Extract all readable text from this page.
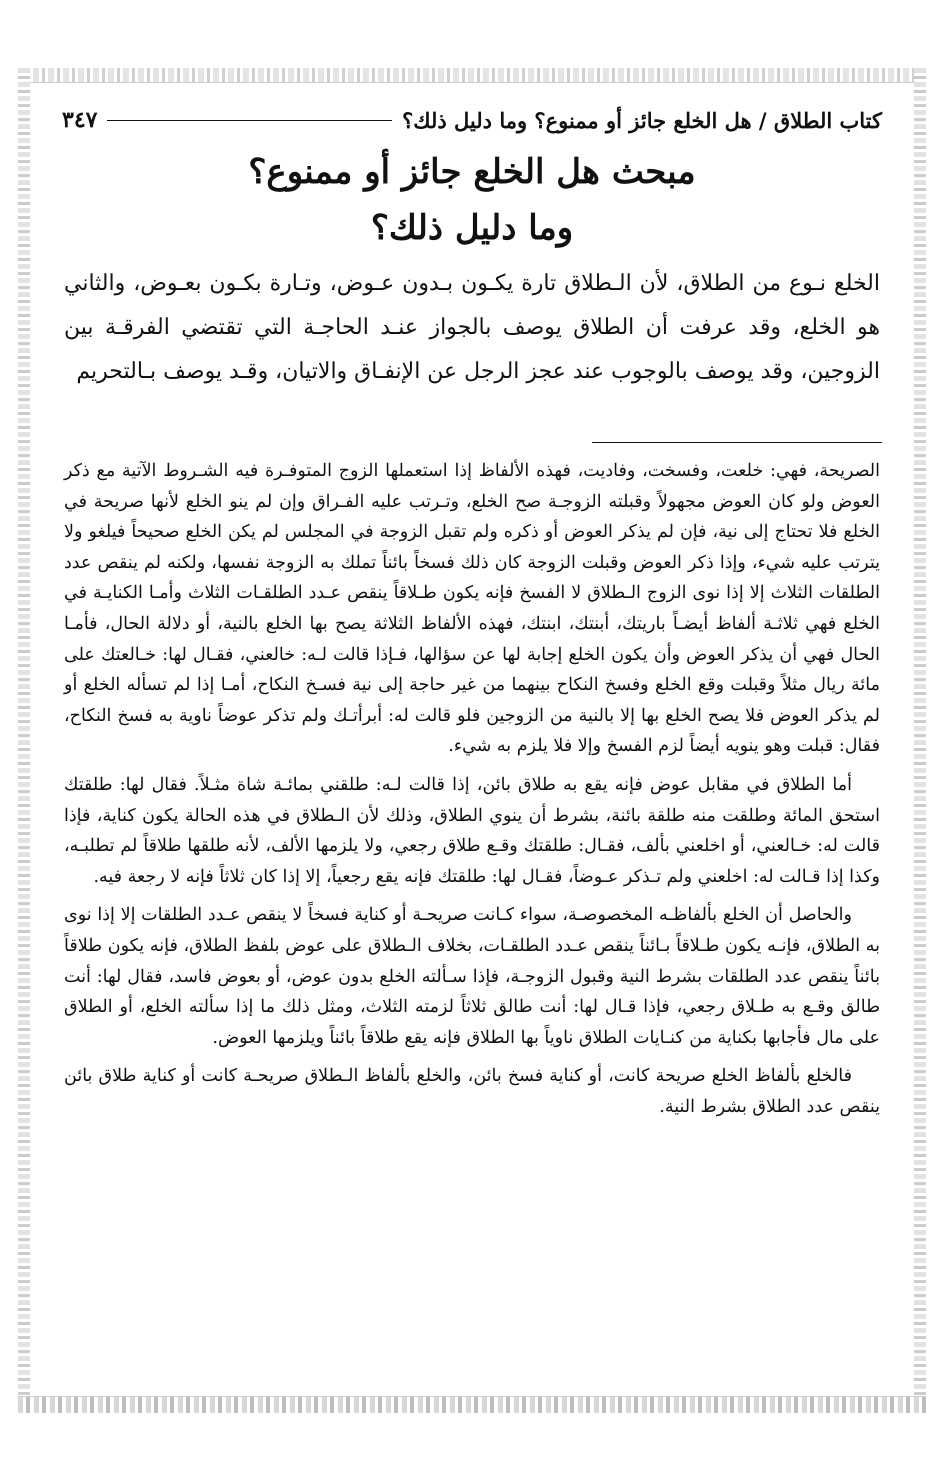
كتاب الطلاق / هل الخلع جائز أو ممنوع؟ وما دليل ذلك؟
٣٤٧
مبحث هل الخلع جائز أو ممنوع؟
وما دليل ذلك؟
الخلع نـوع من الطلاق، لأن الـطلاق تارة يكـون بـدون عـوض، وتـارة بكـون بعـوض، والثاني هو الخلع، وقد عرفت أن الطلاق يوصف بالجواز عنـد الحاجـة التي تقتضي الفرقـة بين الزوجين، وقد يوصف بالوجوب عند عجز الرجل عن الإنفـاق والاتيان، وقـد يوصف بـالتحريم

الصريحة، فهي: خلعت، وفسخت، وفاديت، فهذه الألفاظ إذا استعملها الزوج المتوفـرة فيه الشـروط الآتية مع ذكر العوض ولو كان العوض مجهولاً وقبلته الزوجـة صح الخلع، وتـرتب عليه الفـراق وإن لم ينو الخلع لأنها صريحة في الخلع فلا تحتاج إلى نية، فإن لم يذكر العوض أو ذكره ولم تقبل الزوجة في المجلس لم يكن الخلع صحيحاً فيلغو ولا يترتب عليه شيء، وإذا ذكر العوض وقبلت الزوجة كان ذلك فسخاً بائناً تملك به الزوجة نفسها، ولكنه لم ينقص عدد الطلقات الثلاث إلا إذا نوى الزوج الـطلاق لا الفسخ فإنه يكون طـلاقاً ينقص عـدد الطلقـات الثلاث وأمـا الكنايـة في الخلع فهي ثلاثـة ألفاظ أيضـاً باريتك، أبنتك، ابنتك، فهذه الألفاظ الثلاثة يصح بها الخلع بالنية، أو دلالة الحال، فأمـا الحال فهي أن يذكر العوض وأن يكون الخلع إجابة لها عن سؤالها، فـإذا قالت لـه: خالعني، فقـال لها: خـالعتك على مائة ريال مثلاً وقبلت وقع الخلع وفسخ النكاح بينهما من غير حاجة إلى نية فسـخ النكاح، أمـا إذا لم تسأله الخلع أو لم يذكر العوض فلا يصح الخلع بها إلا بالنية من الزوجين فلو قالت له: أبرأتـك ولم تذكر عوضاً ناوية به فسخ النكاح، فقال: قبلت وهو ينويه أيضاً لزم الفسخ وإلا فلا يلزم به شيء.

أما الطلاق في مقابل عوض فإنه يقع به طلاق بائن، إذا قالت لـه: طلقني بمائـة شاة مثـلاً. فقال لها: طلقتك استحق المائة وطلقت منه طلقة بائنة، بشرط أن ينوي الطلاق، وذلك لأن الـطلاق في هذه الحالة يكون كناية، فإذا قالت له: خـالعني، أو اخلعني بألف، فقـال: طلقتك وقـع طلاق رجعي، ولا يلزمها الألف، لأنه طلقها طلاقاً لم تطلبـه، وكذا إذا قـالت له: اخلعني ولم تـذكر عـوضاً، فقـال لها: طلقتك فإنه يقع رجعياً، إلا إذا كان ثلاثاً فإنه لا رجعة فيه.

والحاصل أن الخلع بألفاظـه المخصوصـة، سواء كـانت صريحـة أو كناية فسخاً لا ينقص عـدد الطلقات إلا إذا نوى به الطلاق، فإنـه يكون طـلاقاً بـائناً ينقص عـدد الطلقـات، بخلاف الـطلاق على عوض بلفظ الطلاق، فإنه يكون طلاقاً بائناً ينقص عدد الطلقات بشرط النية وقبول الزوجـة، فإذا سـألته الخلع بدون عوض، أو بعوض فاسد، فقال لها: أنت طالق وقـع به طـلاق رجعي، فإذا قـال لها: أنت طالق ثلاثاً لزمته الثلاث، ومثل ذلك ما إذا سألته الخلع، أو الطلاق على مال فأجابها بكناية من كنـايات الطلاق ناوياً بها الطلاق فإنه يقع طلاقاً بائناً ويلزمها العوض.

فالخلع بألفاظ الخلع صريحة كانت، أو كناية فسخ بائن، والخلع بألفاظ الـطلاق صريحـة كانت أو كناية طلاق بائن ينقص عدد الطلاق بشرط النية.
